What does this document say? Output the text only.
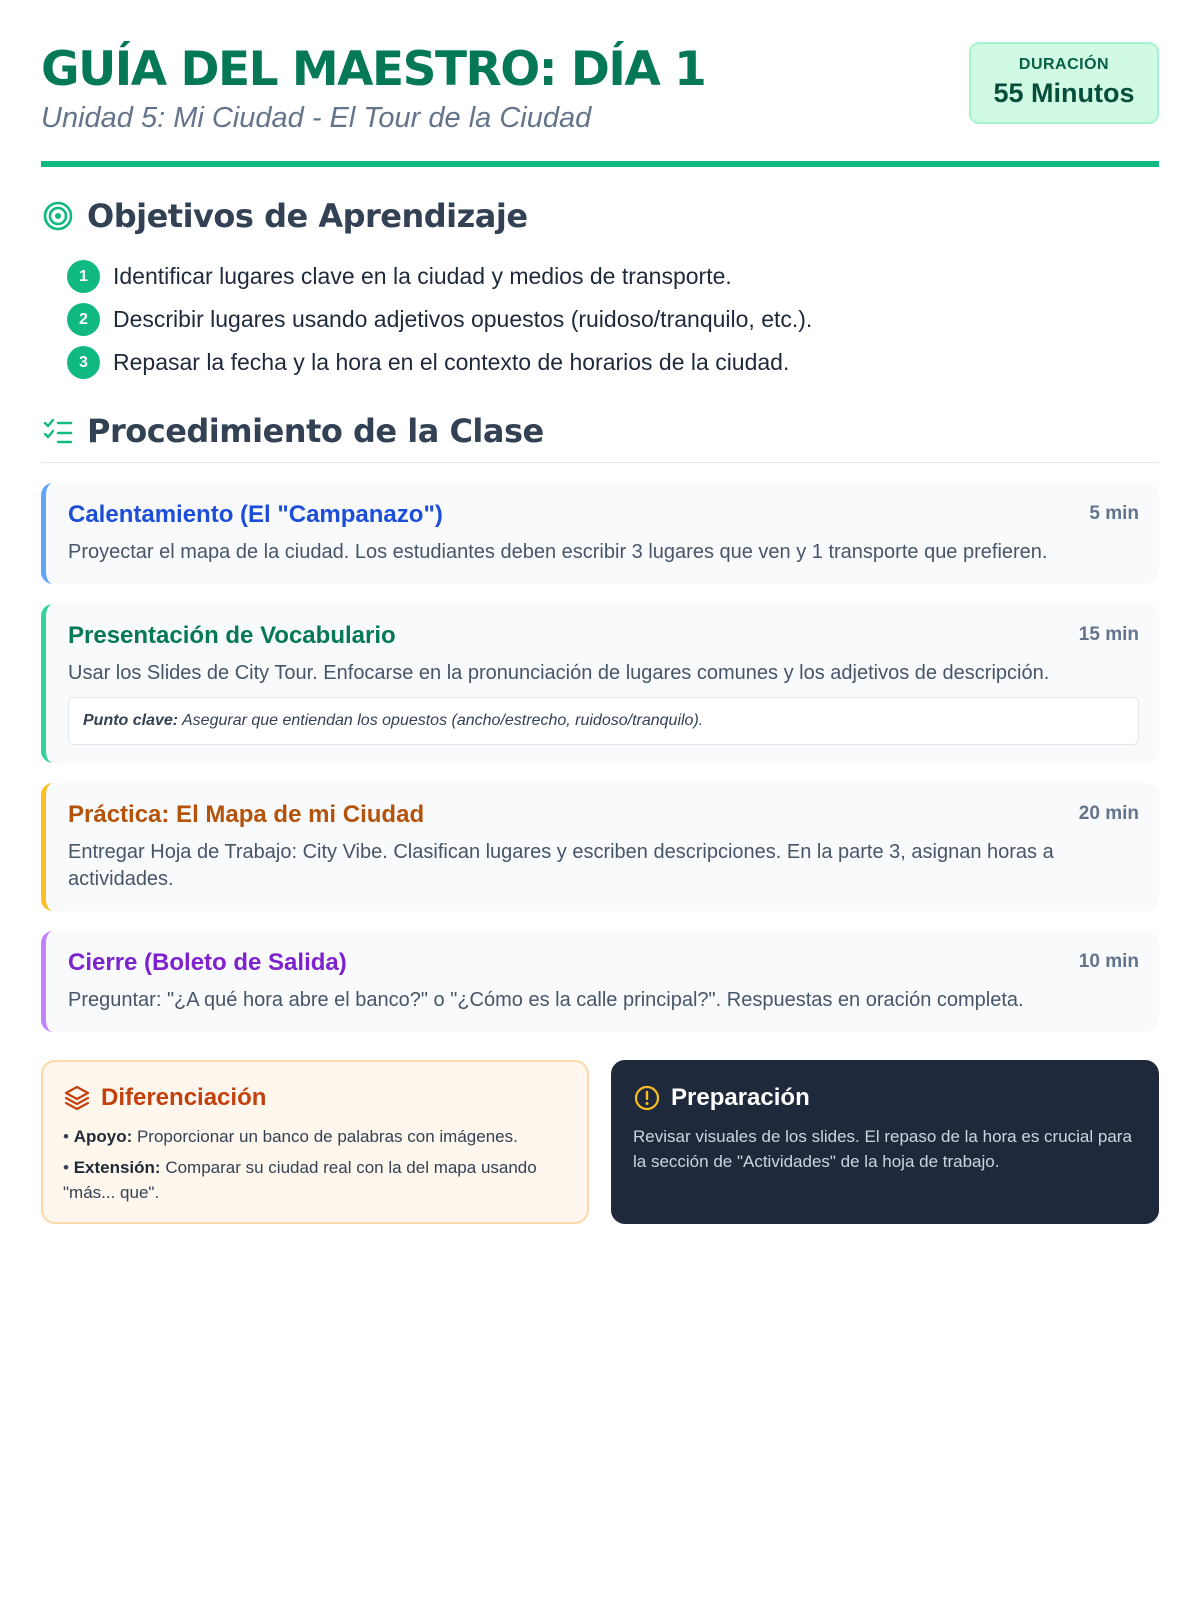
GUÍA DEL MAESTRO: DÍA 1
Unidad 5: Mi Ciudad - El Tour de la Ciudad
DURACIÓN
55 Minutos
Objetivos de Aprendizaje
1	Identificar lugares clave en la ciudad y medios de transporte.
2	Describir lugares usando adjetivos opuestos (ruidoso/tranquilo, etc.).
3	Repasar la fecha y la hora en el contexto de horarios de la ciudad.
Procedimiento de la Clase
Calentamiento (El "Campanazo")	5 min
Proyectar el mapa de la ciudad. Los estudiantes deben escribir 3 lugares que ven y 1 transporte que prefieren.
Presentación de Vocabulario	15 min
Usar los Slides de City Tour. Enfocarse en la pronunciación de lugares comunes y los adjetivos de descripción.
Punto clave: Asegurar que entiendan los opuestos (ancho/estrecho, ruidoso/tranquilo).
Práctica: El Mapa de mi Ciudad	20 min
Entregar Hoja de Trabajo: City Vibe. Clasifican lugares y escriben descripciones. En la parte 3, asignan horas a actividades.
Cierre (Boleto de Salida)	10 min
Preguntar: "¿A qué hora abre el banco?" o "¿Cómo es la calle principal?". Respuestas en oración completa.
Diferenciación
• Apoyo: Proporcionar un banco de palabras con imágenes.
• Extensión: Comparar su ciudad real con la del mapa usando "más... que".
Preparación

Revisar visuales de los slides. El repaso de la hora es crucial para la sección de "Actividades" de la hoja de trabajo.
